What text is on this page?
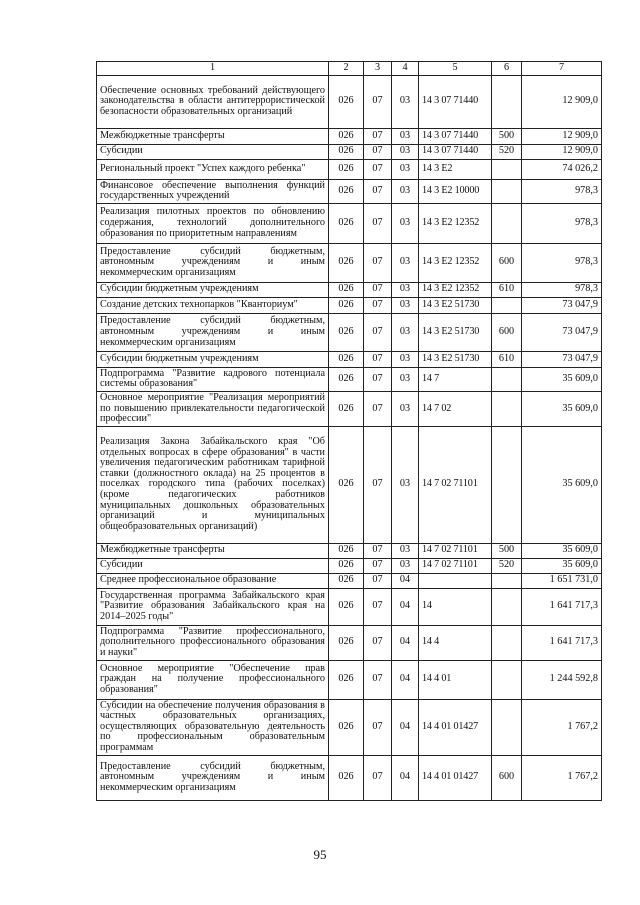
1	2	3	4	5	6	7
Обеспечение основных требований действующего законодательства в области антитеррористической безопасности образовательных организаций	026	07	03	14 3 07 71440		12 909,0
Межбюджетные трансферты	026	07	03	14 3 07 71440	500	12 909,0
Субсидии	026	07	03	14 3 07 71440	520	12 909,0
Региональный проект "Успех каждого ребенка"	026	07	03	14 3 E2		74 026,2
Финансовое обеспечение выполнения функций государственных учреждений	026	07	03	14 3 E2 10000		978,3
Реализация пилотных проектов по обновлению содержания, технологий дополнительного образования по приоритетным направлениям	026	07	03	14 3 E2 12352		978,3
Предоставление субсидий бюджетным, автономным учреждениям и иным некоммерческим организациям	026	07	03	14 3 E2 12352	600	978,3
Субсидии бюджетным учреждениям	026	07	03	14 3 E2 12352	610	978,3
Создание детских технопарков "Кванториум"	026	07	03	14 3 E2 51730		73 047,9
Предоставление субсидий бюджетным, автономным учреждениям и иным некоммерческим организациям	026	07	03	14 3 E2 51730	600	73 047,9
Субсидии бюджетным учреждениям	026	07	03	14 3 E2 51730	610	73 047,9
Подпрограмма "Развитие кадрового потенциала системы образования"	026	07	03	14 7		35 609,0
Основное мероприятие "Реализация мероприятий по повышению привлекательности педагогической профессии"	026	07	03	14 7 02		35 609,0
Реализация Закона Забайкальского края "Об отдельных вопросах в сфере образования" в части увеличения педагогическим работникам тарифной ставки (должностного оклада) на 25 процентов в поселках городского типа (рабочих поселках) (кроме педагогических работников муниципальных дошкольных образовательных организаций и муниципальных общеобразовательных организаций)	026	07	03	14 7 02 71101		35 609,0
Межбюджетные трансферты	026	07	03	14 7 02 71101	500	35 609,0
Субсидии	026	07	03	14 7 02 71101	520	35 609,0
Среднее профессиональное образование	026	07	04			1 651 731,0
Государственная программа Забайкальского края "Развитие образования Забайкальского края на 2014–2025 годы"	026	07	04	14		1 641 717,3
Подпрограмма "Развитие профессионального, дополнительного профессионального образования и науки"	026	07	04	14 4		1 641 717,3
Основное мероприятие "Обеспечение прав граждан на получение профессионального образования"	026	07	04	14 4 01		1 244 592,8
Субсидии на обеспечение получения образования в частных образовательных организациях, осуществляющих образовательную деятельность по профессиональным образовательным программам	026	07	04	14 4 01 01427		1 767,2
Предоставление субсидий бюджетным, автономным учреждениям и иным некоммерческим организациям	026	07	04	14 4 01 01427	600	1 767,2
95
